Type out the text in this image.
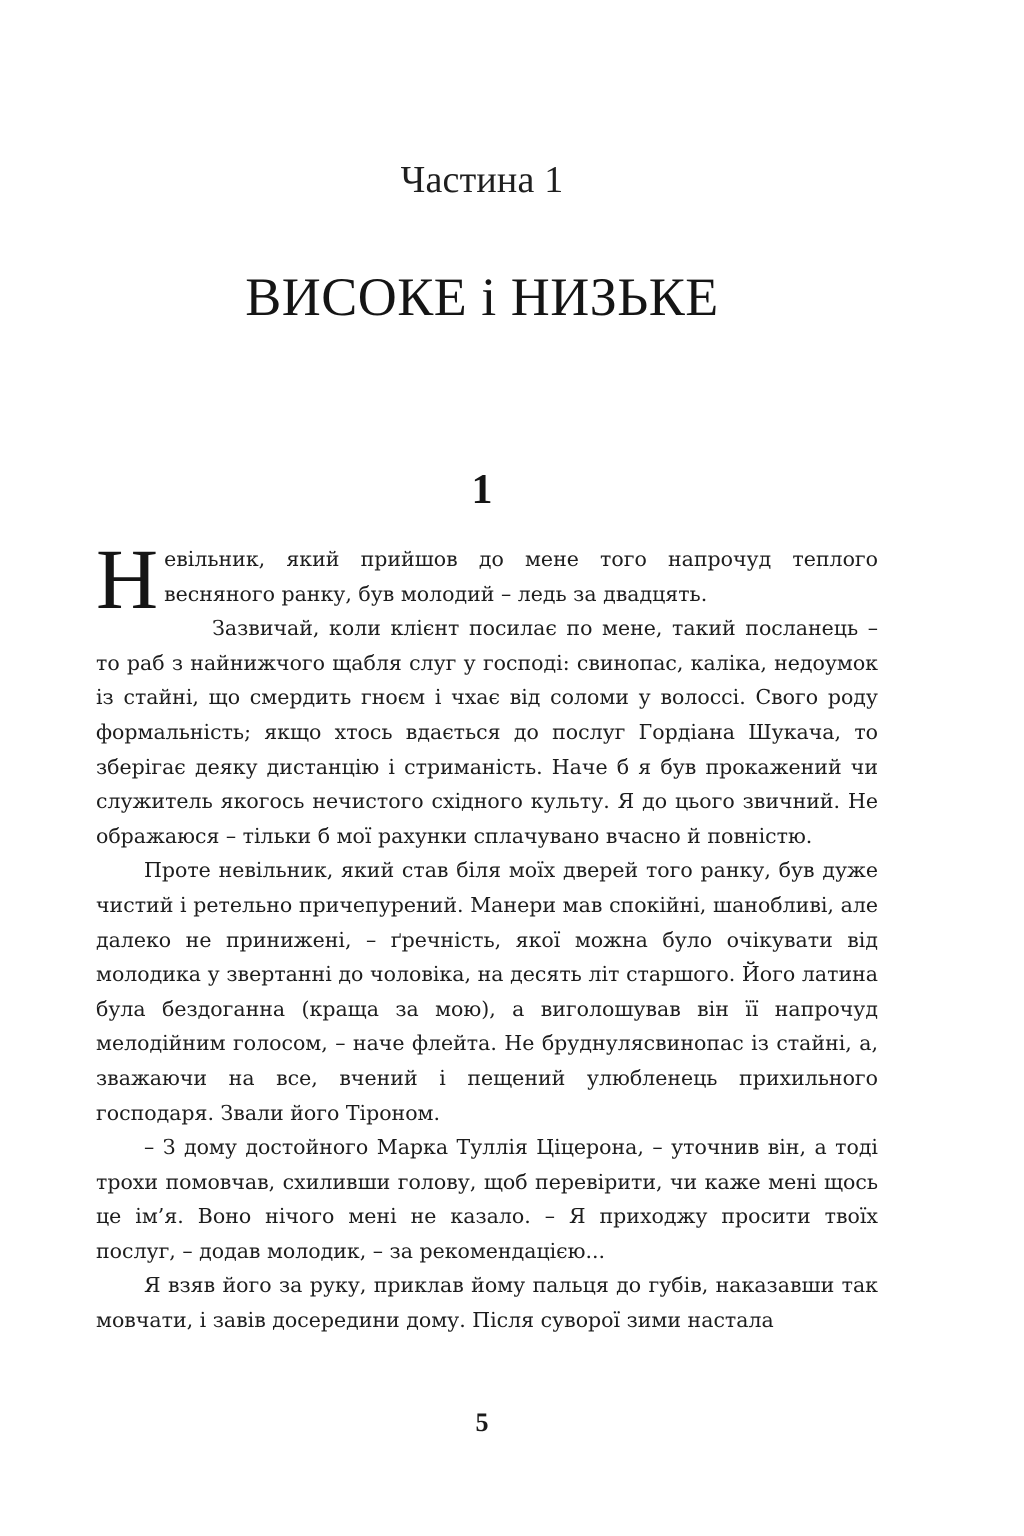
Частина 1
ВИСОКЕ і НИЗЬКЕ
1

Невільник, який прийшов до мене того напрочуд теплого весняного ранку, був молодий – ледь за двадцять.

Зазвичай, коли клієнт посилає по мене, такий посланець – то раб з найнижчого щабля слуг у господі: свинопас, каліка, недоумок із стайні, що смердить гноєм і чхає від соломи у волоссі. Свого роду формальність; якщо хтось вдається до послуг Гордіана Шукача, то зберігає деяку дистанцію і стриманість. Наче б я був прокажений чи служитель якогось нечистого східного культу. Я до цього звичний. Не ображаюся – тільки б мої рахунки сплачувано вчасно й повністю.

Проте невільник, який став біля моїх дверей того ранку, був дуже чистий і ретельно причепурений. Манери мав спокійні, шанобливі, але далеко не принижені, – ґречність, якої можна було очікувати від молодика у звертанні до чоловіка, на десять літ старшого. Його латина була бездоганна (краща за мою), а виголошував він її напрочуд мелодійним голосом, – наче флейта. Не бруднулясвинопас із стайні, а, зважаючи на все, вчений і пещений улюбленець прихильного господаря. Звали його Тіроном.

– З дому достойного Марка Туллія Ціцерона, – уточнив він, а тоді трохи помовчав, схиливши голову, щоб перевірити, чи каже мені щось це ім’я. Воно нічого мені не казало. – Я приходжу просити твоїх послуг, – додав молодик, – за рекомендацією...

Я взяв його за руку, приклав йому пальця до губів, наказавши так мовчати, і завів досередини дому. Після суворої зими настала

5
